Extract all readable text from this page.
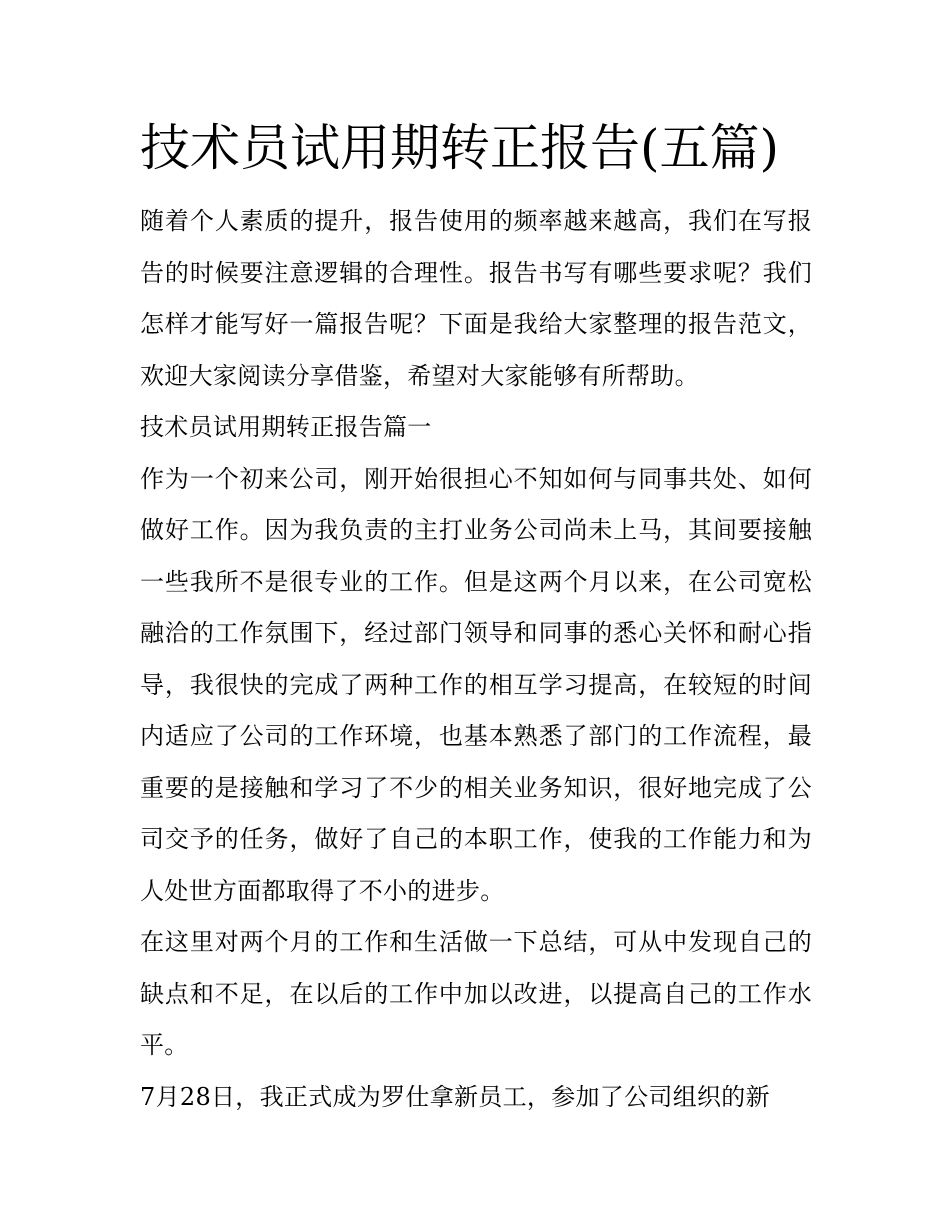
技术员试用期转正报告(五篇)

随着个人素质的提升，报告使用的频率越来越高，我们在写报告的时候要注意逻辑的合理性。报告书写有哪些要求呢？我们怎样才能写好一篇报告呢？下面是我给大家整理的报告范文，欢迎大家阅读分享借鉴，希望对大家能够有所帮助。

技术员试用期转正报告篇一

作为一个初来公司，刚开始很担心不知如何与同事共处、如何做好工作。因为我负责的主打业务公司尚未上马，其间要接触一些我所不是很专业的工作。但是这两个月以来，在公司宽松融洽的工作氛围下，经过部门领导和同事的悉心关怀和耐心指导，我很快的完成了两种工作的相互学习提高，在较短的时间内适应了公司的工作环境，也基本熟悉了部门的工作流程，最重要的是接触和学习了不少的相关业务知识，很好地完成了公司交予的任务，做好了自己的本职工作，使我的工作能力和为人处世方面都取得了不小的进步。

在这里对两个月的工作和生活做一下总结，可从中发现自己的缺点和不足，在以后的工作中加以改进，以提高自己的工作水平。

7月28日，我正式成为罗仕拿新员工，参加了公司组织的新
